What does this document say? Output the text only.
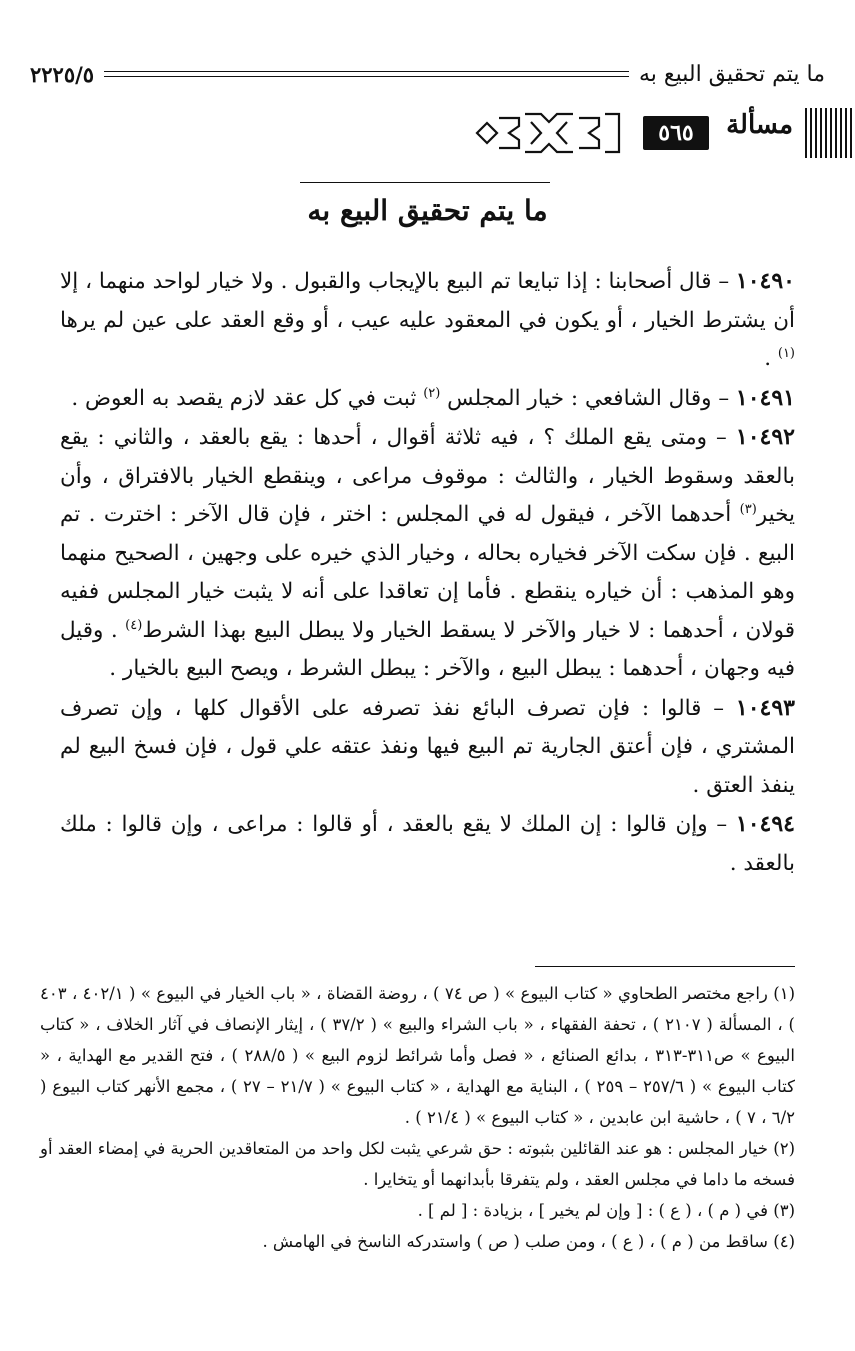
ما يتم تحقيق البيع به
٢٢٢٥/٥
مسألة
٥٦٥
ما يتم تحقيق البيع به

١٠٤٩٠ – قال أصحابنا : إذا تبايعا تم البيع بالإيجاب والقبول . ولا خيار لواحد منهما ، إلا أن يشترط الخيار ، أو يكون في المعقود عليه عيب ، أو وقع العقد على عين لم يرها $^{(١)}$ .

١٠٤٩١ – وقال الشافعي : خيار المجلس $^{(٢)}$ ثبت في كل عقد لازم يقصد به العوض .

١٠٤٩٢ – ومتى يقع الملك ؟ ، فيه ثلاثة أقوال ، أحدها : يقع بالعقد ، والثاني : يقع بالعقد وسقوط الخيار ، والثالث : موقوف مراعى ، وينقطع الخيار بالافتراق ، وأن يخير$^{(٣)}$ أحدهما الآخر ، فيقول له في المجلس : اختر ، فإن قال الآخر : اخترت . تم البيع . فإن سكت الآخر فخياره بحاله ، وخيار الذي خيره على وجهين ، الصحيح منهما وهو المذهب : أن خياره ينقطع . فأما إن تعاقدا على أنه لا يثبت خيار المجلس ففيه قولان ، أحدهما : لا خيار والآخر لا يسقط الخيار ولا يبطل البيع بهذا الشرط$^{(٤)}$ . وقيل فيه وجهان ، أحدهما : يبطل البيع ، والآخر : يبطل الشرط ، ويصح البيع بالخيار .

١٠٤٩٣ – قالوا : فإن تصرف البائع نفذ تصرفه على الأقوال كلها ، وإن تصرف المشتري ، فإن أعتق الجارية تم البيع فيها ونفذ عتقه علي قول ، فإن فسخ البيع لم ينفذ العتق .

١٠٤٩٤ – وإن قالوا : إن الملك لا يقع بالعقد ، أو قالوا : مراعى ، وإن قالوا : ملك بالعقد .

(١) راجع مختصر الطحاوي « كتاب البيوع » ( ص ٧٤ ) ، روضة القضاة ، « باب الخيار في البيوع » ( ٤٠٢/١ ، ٤٠٣ ) ، المسألة ( ٢١٠٧ ) ، تحفة الفقهاء ، « باب الشراء والبيع » ( ٣٧/٢ ) ، إيثار الإنصاف في آثار الخلاف ، « كتاب البيوع » ص٣١١-٣١٣ ، بدائع الصنائع ، « فصل وأما شرائط لزوم البيع » ( ٢٨٨/٥ ) ، فتح القدير مع الهداية ، « كتاب البيوع » ( ٢٥٧/٦ – ٢٥٩ ) ، البناية مع الهداية ، « كتاب البيوع » ( ٢١/٧ – ٢٧ ) ، مجمع الأنهر كتاب البيوع ( ٦/٢ ، ٧ ) ، حاشية ابن عابدين ، « كتاب البيوع » ( ٢١/٤ ) .

(٢) خيار المجلس : هو عند القائلين بثبوته : حق شرعي يثبت لكل واحد من المتعاقدين الحرية في إمضاء العقد أو فسخه ما داما في مجلس العقد ، ولم يتفرقا بأبدانهما أو يتخايرا .

(٣) في ( م ) ، ( ع ) : [ وإن لم يخير ] ، بزيادة : [ لم ] .

(٤) ساقط من ( م ) ، ( ع ) ، ومن صلب ( ص ) واستدركه الناسخ في الهامش .
